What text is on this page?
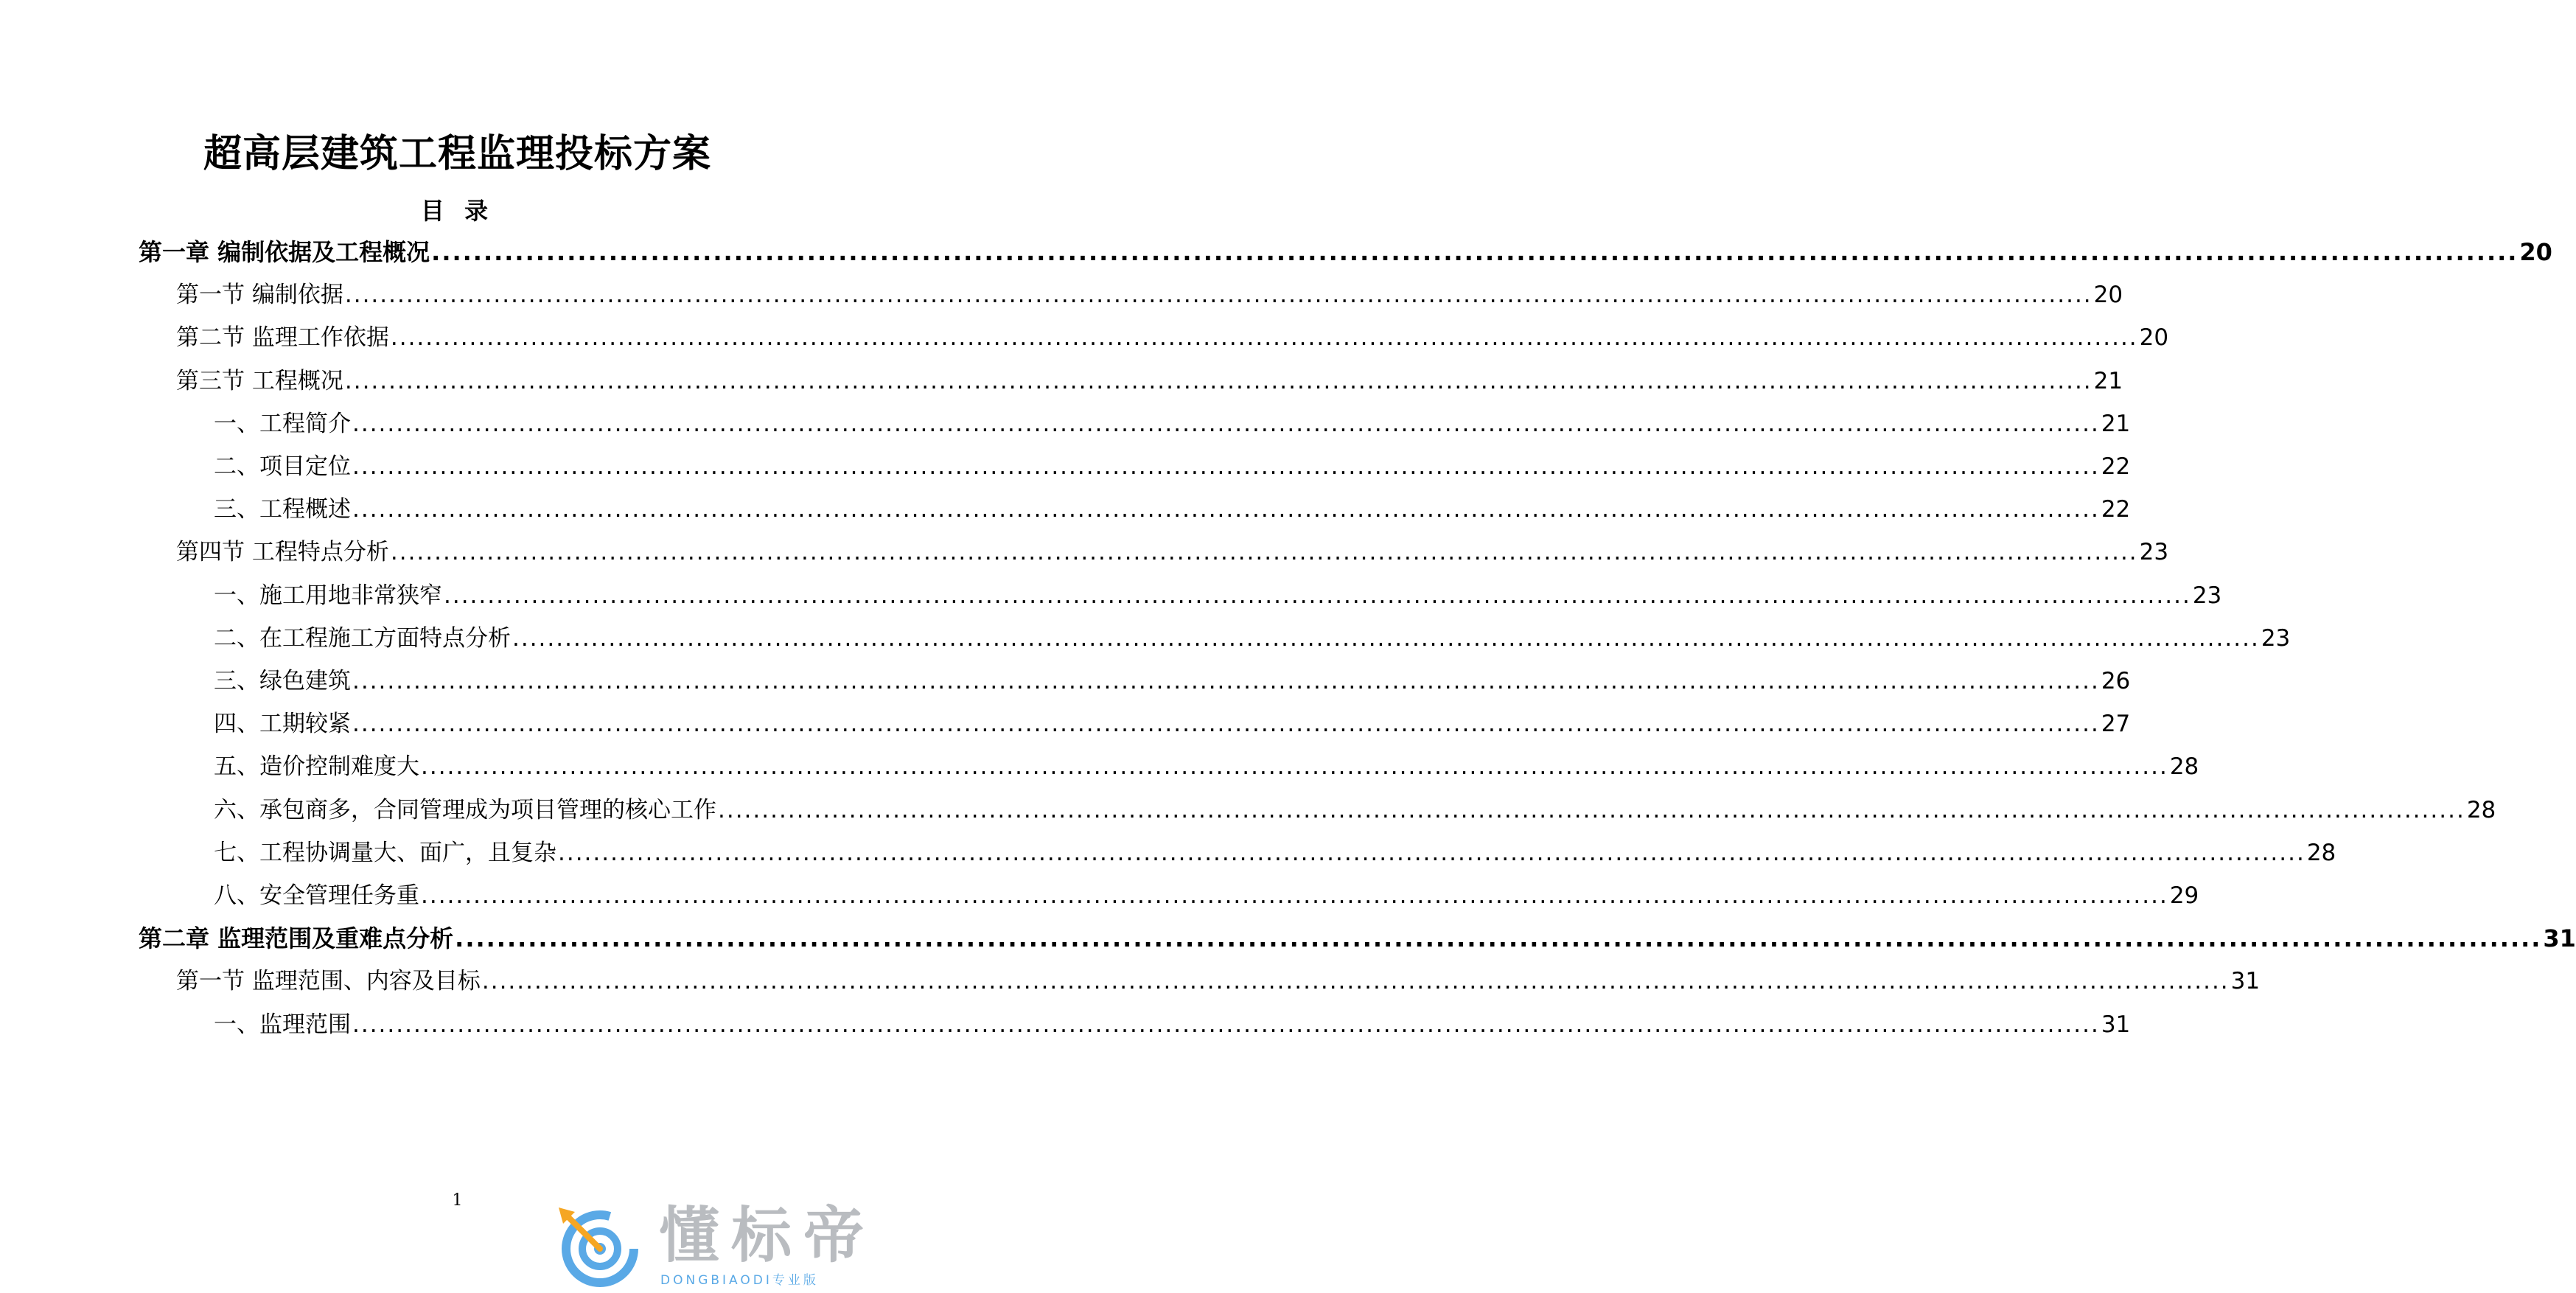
超高层建筑工程监理投标方案
目 录
第一章 编制依据及工程概况 ........................................................................................................................................................................................................ 20
第一节 编制依据 ........................................................................................................................................................................................................ 20
第二节 监理工作依据 ........................................................................................................................................................................................................ 20
第三节 工程概况 ........................................................................................................................................................................................................ 21
一、工程简介 ........................................................................................................................................................................................................ 21
二、项目定位 ........................................................................................................................................................................................................ 22
三、工程概述 ........................................................................................................................................................................................................ 22
第四节 工程特点分析 ........................................................................................................................................................................................................ 23
一、施工用地非常狭窄 ........................................................................................................................................................................................................ 23
二、在工程施工方面特点分析 ........................................................................................................................................................................................................ 23
三、绿色建筑 ........................................................................................................................................................................................................ 26
四、工期较紧 ........................................................................................................................................................................................................ 27
五、造价控制难度大 ........................................................................................................................................................................................................ 28
六、承包商多，合同管理成为项目管理的核心工作 ........................................................................................................................................................................................................ 28
七、工程协调量大、面广，且复杂 ........................................................................................................................................................................................................ 28
八、安全管理任务重 ........................................................................................................................................................................................................ 29
第二章 监理范围及重难点分析 ........................................................................................................................................................................................................ 31
第一节 监理范围、内容及目标 ........................................................................................................................................................................................................ 31
一、监理范围 ........................................................................................................................................................................................................ 31
1
懂标帝
DONGBIAODI专业版
